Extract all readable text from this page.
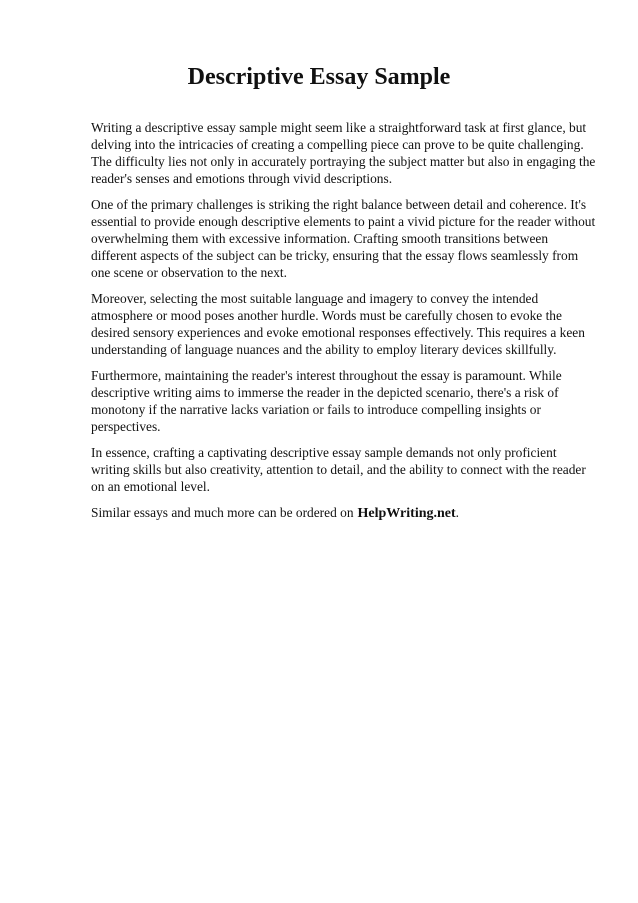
Descriptive Essay Sample

Writing a descriptive essay sample might seem like a straightforward task at first glance, but delving into the intricacies of creating a compelling piece can prove to be quite challenging. The difficulty lies not only in accurately portraying the subject matter but also in engaging the reader's senses and emotions through vivid descriptions.

One of the primary challenges is striking the right balance between detail and coherence. It's essential to provide enough descriptive elements to paint a vivid picture for the reader without overwhelming them with excessive information. Crafting smooth transitions between different aspects of the subject can be tricky, ensuring that the essay flows seamlessly from one scene or observation to the next.

Moreover, selecting the most suitable language and imagery to convey the intended atmosphere or mood poses another hurdle. Words must be carefully chosen to evoke the desired sensory experiences and evoke emotional responses effectively. This requires a keen understanding of language nuances and the ability to employ literary devices skillfully.

Furthermore, maintaining the reader's interest throughout the essay is paramount. While descriptive writing aims to immerse the reader in the depicted scenario, there's a risk of monotony if the narrative lacks variation or fails to introduce compelling insights or perspectives.

In essence, crafting a captivating descriptive essay sample demands not only proficient writing skills but also creativity, attention to detail, and the ability to connect with the reader on an emotional level.

Similar essays and much more can be ordered on HelpWriting.net.
